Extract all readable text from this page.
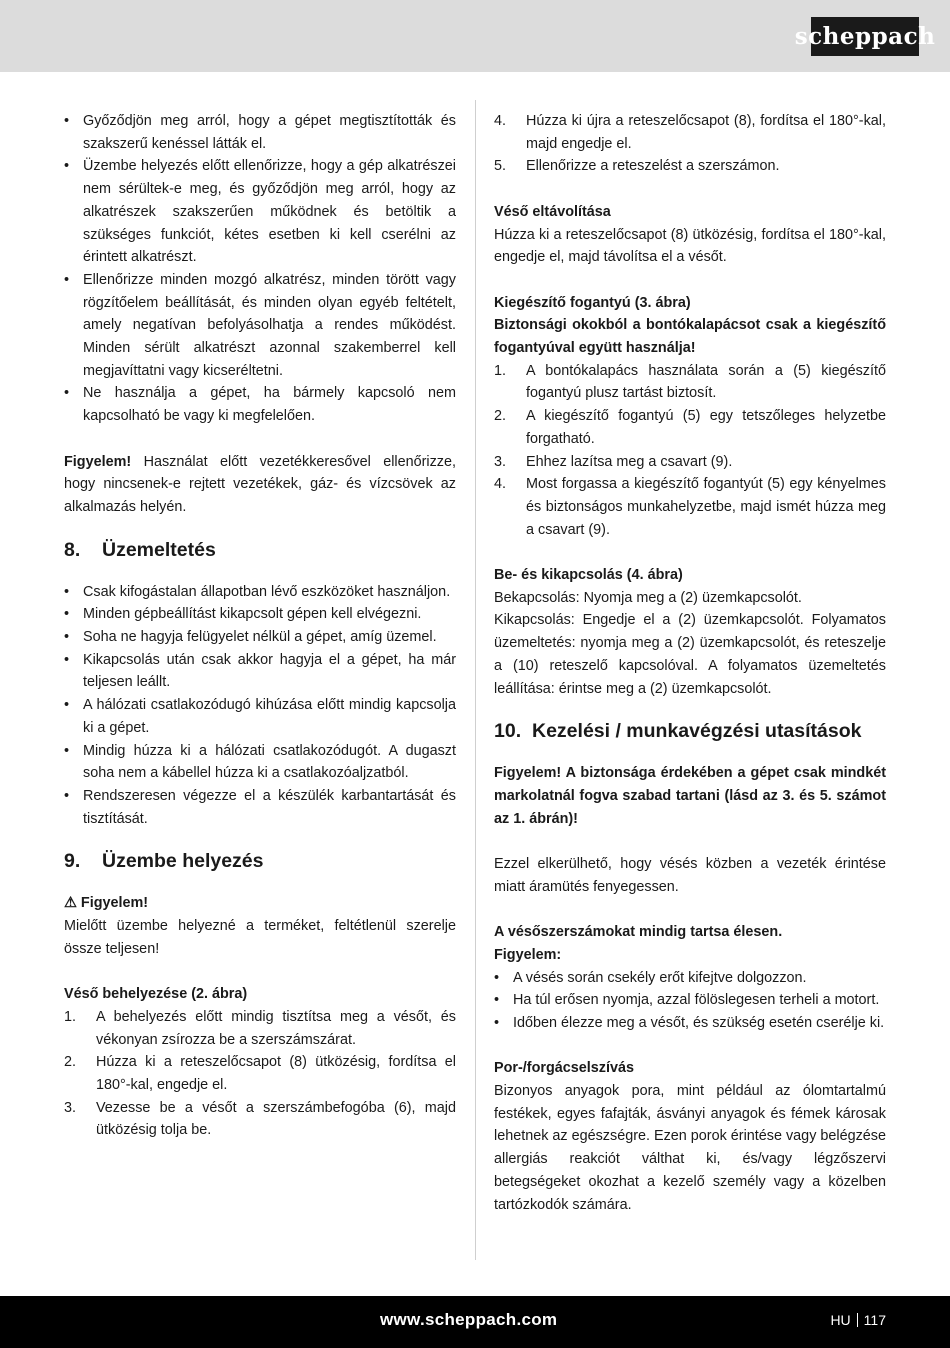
scheppach
• Győződjön meg arról, hogy a gépet megtisztították és szakszerű kenéssel látták el.
• Üzembe helyezés előtt ellenőrizze, hogy a gép alkatrészei nem sérültek-e meg, és győződjön meg arról, hogy az alkatrészek szakszerűen működnek és betöltik a szükséges funkciót, kétes esetben ki kell cserélni az érintett alkatrészt.
• Ellenőrizze minden mozgó alkatrész, minden törött vagy rögzítőelem beállítását, és minden olyan egyéb feltételt, amely negatívan befolyásolhatja a rendes működést. Minden sérült alkatrészt azonnal szakemberrel kell megjavíttatni vagy kicseréltetni.
• Ne használja a gépet, ha bármely kapcsoló nem kapcsolható be vagy ki megfelelően.

Figyelem! Használat előtt vezetékkeresővel ellenőrizze, hogy nincsenek-e rejtett vezetékek, gáz- és vízcsövek az alkalmazás helyén.

8.	Üzemeltetés
• Csak kifogástalan állapotban lévő eszközöket használjon.
• Minden gépbeállítást kikapcsolt gépen kell elvégezni.
• Soha ne hagyja felügyelet nélkül a gépet, amíg üzemel.
• Kikapcsolás után csak akkor hagyja el a gépet, ha már teljesen leállt.
• A hálózati csatlakozódugó kihúzása előtt mindig kapcsolja ki a gépet.
• Mindig húzza ki a hálózati csatlakozódugót. A dugaszt soha nem a kábellel húzza ki a csatlakozóaljzatból.
• Rendszeresen végezze el a készülék karbantartását és tisztítását.
9.	Üzembe helyezés

⚠ Figyelem!

Mielőtt üzembe helyezné a terméket, feltétlenül szerelje össze teljesen!

Véső behelyezése (2. ábra)

1. A behelyezés előtt mindig tisztítsa meg a vésőt, és vékonyan zsírozza be a szerszámszárat.
2. Húzza ki a reteszelőcsapot (8) ütközésig, fordítsa el 180°-kal, engedje el.
3. Vezesse be a vésőt a szerszámbefogóba (6), majd ütközésig tolja be.
4. Húzza ki újra a reteszelőcsapot (8), fordítsa el 180°-kal, majd engedje el.
5. Ellenőrizze a reteszelést a szerszámon.

Véső eltávolítása

Húzza ki a reteszelőcsapot (8) ütközésig, fordítsa el 180°-kal, engedje el, majd távolítsa el a vésőt.

Kiegészítő fogantyú (3. ábra)

Biztonsági okokból a bontókalapácsot csak a kiegészítő fogantyúval együtt használja!

1. A bontókalapács használata során a (5) kiegészítő fogantyú plusz tartást biztosít.
2. A kiegészítő fogantyú (5) egy tetszőleges helyzetbe forgatható.
3. Ehhez lazítsa meg a csavart (9).
4. Most forgassa a kiegészítő fogantyút (5) egy kényelmes és biztonságos munkahelyzetbe, majd ismét húzza meg a csavart (9).

Be- és kikapcsolás (4. ábra)

Bekapcsolás: Nyomja meg a (2) üzemkapcsolót.

Kikapcsolás: Engedje el a (2) üzemkapcsolót. Folyamatos üzemeltetés: nyomja meg a (2) üzemkapcsolót, és reteszelje a (10) reteszelő kapcsolóval. A folyamatos üzemeltetés leállítása: érintse meg a (2) üzemkapcsolót.

10. Kezelési / munkavégzési utasítások

Figyelem! A biztonsága érdekében a gépet csak mindkét markolatnál fogva szabad tartani (lásd az 3. és 5. számot az 1. ábrán)!

Ezzel elkerülhető, hogy vésés közben a vezeték érintése miatt áramütés fenyegessen.

A vésőszerszámokat mindig tartsa élesen.

Figyelem:

• A vésés során csekély erőt kifejtve dolgozzon.
• Ha túl erősen nyomja, azzal fölöslegesen terheli a motort.
• Időben élezze meg a vésőt, és szükség esetén cserélje ki.

Por-/forgácselszívás

Bizonyos anyagok pora, mint például az ólomtartalmú festékek, egyes fafajták, ásványi anyagok és fémek károsak lehetnek az egészségre. Ezen porok érintése vagy belégzése allergiás reakciót válthat ki, és/vagy légzőszervi betegségeket okozhat a kezelő személy vagy a közelben tartózkodók számára.

www.scheppach.com	HU 117
